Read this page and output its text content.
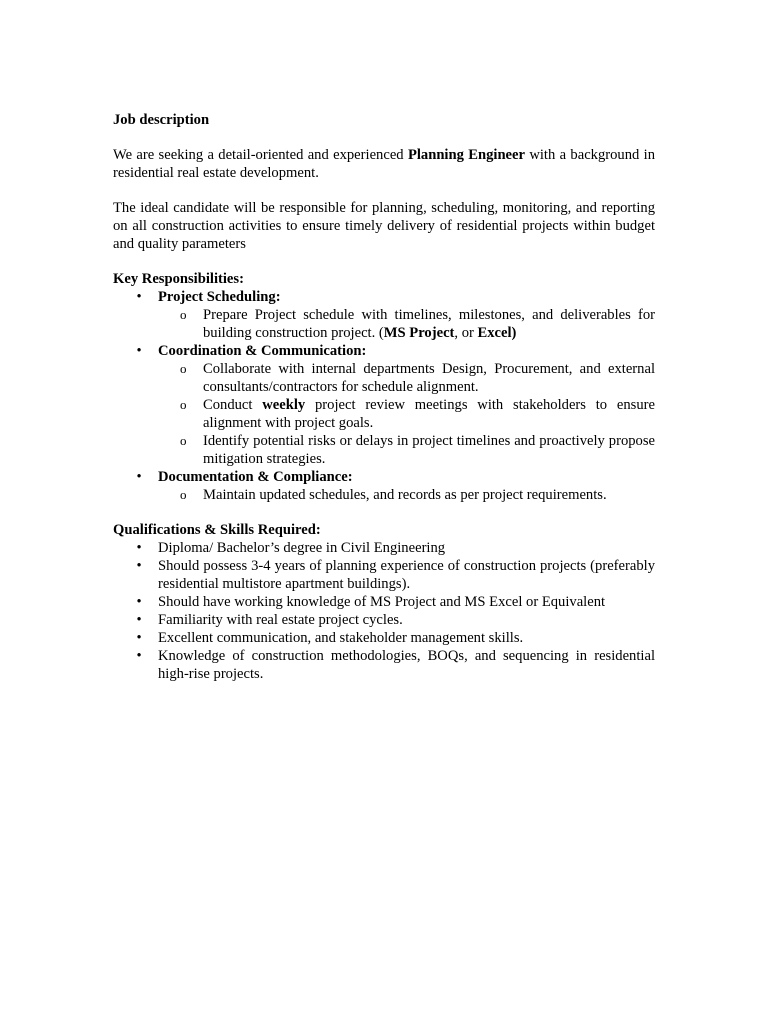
Job description

We are seeking a detail-oriented and experienced Planning Engineer with a background in residential real estate development.

The ideal candidate will be responsible for planning, scheduling, monitoring, and reporting on all construction activities to ensure timely delivery of residential projects within budget and quality parameters

Key Responsibilities:

• Project Scheduling:
o Prepare Project schedule with timelines, milestones, and deliverables for building construction project. (MS Project, or Excel)
• Coordination & Communication:
o Collaborate with internal departments Design, Procurement, and external consultants/contractors for schedule alignment.
o Conduct weekly project review meetings with stakeholders to ensure alignment with project goals.
o Identify potential risks or delays in project timelines and proactively propose mitigation strategies.
• Documentation & Compliance:
o Maintain updated schedules, and records as per project requirements.

Qualifications & Skills Required:

• Diploma/ Bachelor’s degree in Civil Engineering
• Should possess 3-4 years of planning experience of construction projects (preferably residential multistore apartment buildings).
• Should have working knowledge of MS Project and MS Excel or Equivalent
• Familiarity with real estate project cycles.
• Excellent communication, and stakeholder management skills.
• Knowledge of construction methodologies, BOQs, and sequencing in residential high-rise projects.
